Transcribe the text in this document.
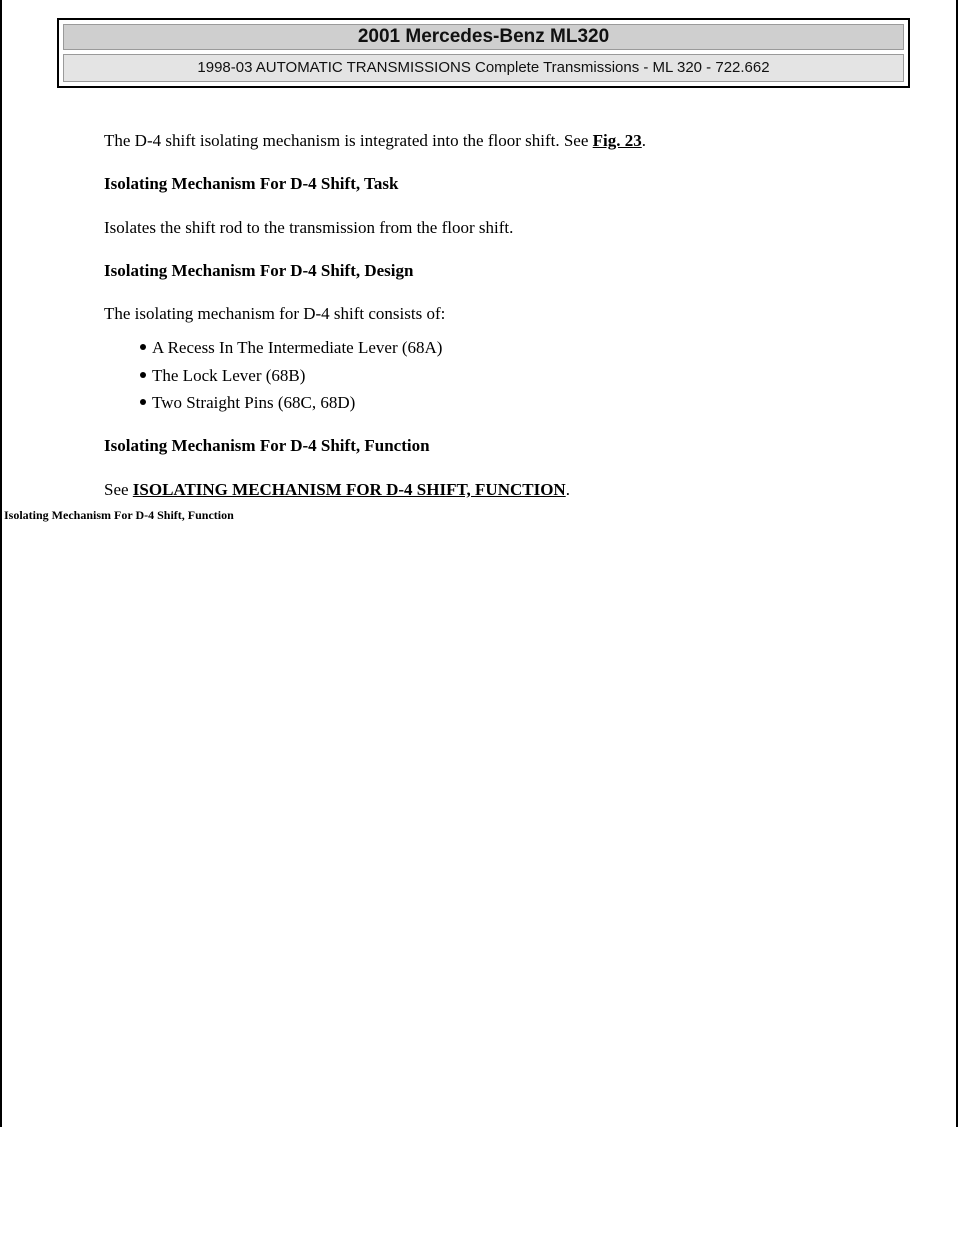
2001 Mercedes-Benz ML320
1998-03 AUTOMATIC TRANSMISSIONS Complete Transmissions - ML 320 - 722.662

The D-4 shift isolating mechanism is integrated into the floor shift. See Fig. 23.

Isolating Mechanism For D-4 Shift, Task

Isolates the shift rod to the transmission from the floor shift.

Isolating Mechanism For D-4 Shift, Design

The isolating mechanism for D-4 shift consists of:

A Recess In The Intermediate Lever (68A)
The Lock Lever (68B)
Two Straight Pins (68C, 68D)

Isolating Mechanism For D-4 Shift, Function

See ISOLATING MECHANISM FOR D-4 SHIFT, FUNCTION.

Isolating Mechanism For D-4 Shift, Function
